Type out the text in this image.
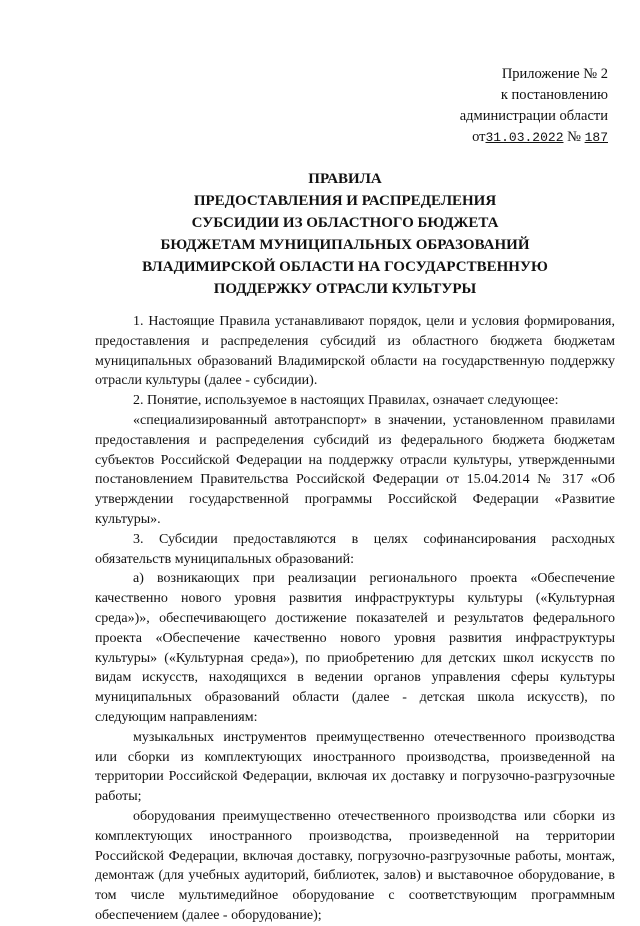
Приложение № 2
к постановлению
администрации области
от31.03.2022 № 187
ПРАВИЛА
ПРЕДОСТАВЛЕНИЯ И РАСПРЕДЕЛЕНИЯ
СУБСИДИИ ИЗ ОБЛАСТНОГО БЮДЖЕТА
БЮДЖЕТАМ МУНИЦИПАЛЬНЫХ ОБРАЗОВАНИЙ
ВЛАДИМИРСКОЙ ОБЛАСТИ НА ГОСУДАРСТВЕННУЮ
ПОДДЕРЖКУ ОТРАСЛИ КУЛЬТУРЫ

1. Настоящие Правила устанавливают порядок, цели и условия формирования, предоставления и распределения субсидий из областного бюджета бюджетам муниципальных образований Владимирской области на государственную поддержку отрасли культуры (далее - субсидии).

2. Понятие, используемое в настоящих Правилах, означает следующее:

«специализированный автотранспорт» в значении, установленном правилами предоставления и распределения субсидий из федерального бюджета бюджетам субъектов Российской Федерации на поддержку отрасли культуры, утвержденными постановлением Правительства Российской Федерации от 15.04.2014 № 317 «Об утверждении государственной программы Российской Федерации «Развитие культуры».

3. Субсидии предоставляются в целях софинансирования расходных обязательств муниципальных образований:

а) возникающих при реализации регионального проекта «Обеспечение качественно нового уровня развития инфраструктуры культуры («Культурная среда»)», обеспечивающего достижение показателей и результатов федерального проекта «Обеспечение качественно нового уровня развития инфраструктуры культуры» («Культурная среда»), по приобретению для детских школ искусств по видам искусств, находящихся в ведении органов управления сферы культуры муниципальных образований области (далее - детская школа искусств), по следующим направлениям:

музыкальных инструментов преимущественно отечественного производства или сборки из комплектующих иностранного производства, произведенной на территории Российской Федерации, включая их доставку и погрузочно-разгрузочные работы;

оборудования преимущественно отечественного производства или сборки из комплектующих иностранного производства, произведенной на территории Российской Федерации, включая доставку, погрузочно-разгрузочные работы, монтаж, демонтаж (для учебных аудиторий, библиотек, залов) и выставочное оборудование, в том числе мультимедийное оборудование с соответствующим программным обеспечением (далее - оборудование);
